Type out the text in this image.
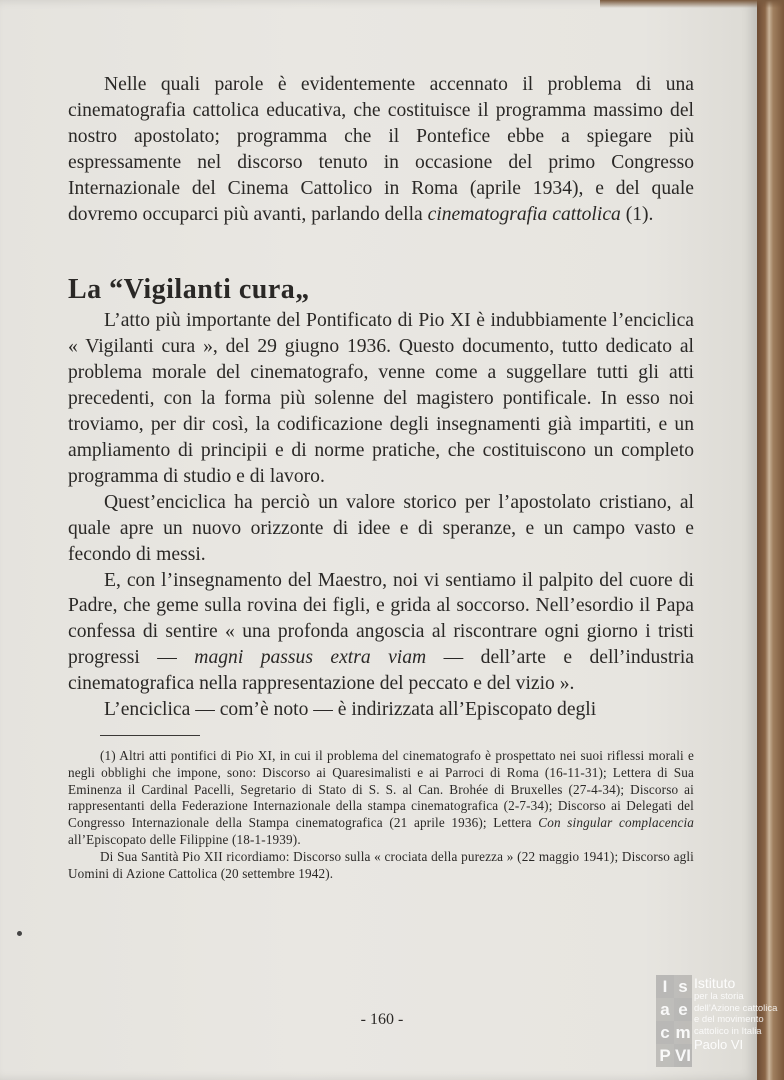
Nelle quali parole è evidentemente accennato il problema di una cinematografia cattolica educativa, che costituisce il programma massimo del nostro apostolato; programma che il Pontefice ebbe a spiegare più espressamente nel discorso tenuto in occasione del primo Congresso Internazionale del Cinema Cattolico in Roma (aprile 1934), e del quale dovremo occuparci più avanti, parlando della cinematografia cattolica (1).

La “Vigilanti cura„

L’atto più importante del Pontificato di Pio XI è indubbiamente l’enciclica « Vigilanti cura », del 29 giugno 1936. Questo documento, tutto dedicato al problema morale del cinematografo, venne come a suggellare tutti gli atti precedenti, con la forma più solenne del magistero pontificale. In esso noi troviamo, per dir così, la codificazione degli insegnamenti già impartiti, e un ampliamento di principii e di norme pratiche, che costituiscono un completo programma di studio e di lavoro.

Quest’enciclica ha perciò un valore storico per l’apostolato cristiano, al quale apre un nuovo orizzonte di idee e di speranze, e un campo vasto e fecondo di messi.

E, con l’insegnamento del Maestro, noi vi sentiamo il palpito del cuore di Padre, che geme sulla rovina dei figli, e grida al soccorso. Nell’esordio il Papa confessa di sentire « una profonda angoscia al riscontrare ogni giorno i tristi progressi — magni passus extra viam — dell’arte e dell’industria cinematografica nella rappresentazione del peccato e del vizio ».

L’enciclica — com’è noto — è indirizzata all’Episcopato degli

(1) Altri atti pontifici di Pio XI, in cui il problema del cinematografo è prospettato nei suoi riflessi morali e negli obblighi che impone, sono: Discorso ai Quaresimalisti e ai Parroci di Roma (16-11-31); Lettera di Sua Eminenza il Cardinal Pacelli, Segretario di Stato di S. S. al Can. Brohée di Bruxelles (27-4-34); Discorso ai rappresentanti della Federazione Internazionale della stampa cinematografica (2-7-34); Discorso ai Delegati del Congresso Internazionale della Stampa cinematografica (21 aprile 1936); Lettera Con singular complacencia all’Episcopato delle Filippine (18-1-1939).

Di Sua Santità Pio XII ricordiamo: Discorso sulla « crociata della purezza » (22 maggio 1941); Discorso agli Uomini di Azione Cattolica (20 settembre 1942).

- 160 -
I s
a e
c m
P VI
Istituto
per la storia
dell’Azione cattolica
e del movimento
cattolico in Italia
Paolo VI
